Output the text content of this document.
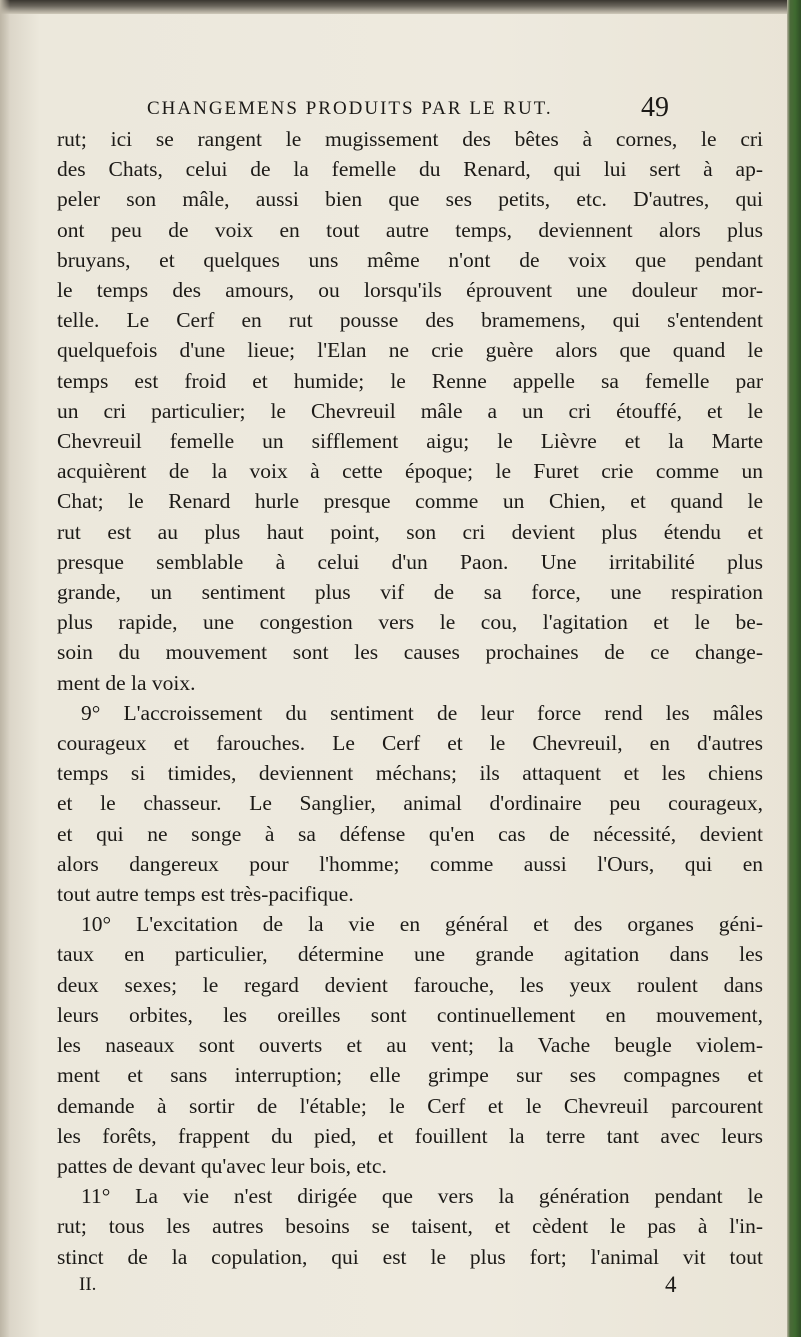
CHANGEMENS PRODUITS PAR LE RUT.	49

rut; ici se rangent le mugissement des bêtes à cornes, le cri

des Chats, celui de la femelle du Renard, qui lui sert à ap-

peler son mâle, aussi bien que ses petits, etc. D'autres, qui

ont peu de voix en tout autre temps, deviennent alors plus

bruyans, et quelques uns même n'ont de voix que pendant

le temps des amours, ou lorsqu'ils éprouvent une douleur mor-

telle. Le Cerf en rut pousse des bramemens, qui s'entendent

quelquefois d'une lieue; l'Elan ne crie guère alors que quand le

temps est froid et humide; le Renne appelle sa femelle par

un cri particulier; le Chevreuil mâle a un cri étouffé, et le

Chevreuil femelle un sifflement aigu; le Lièvre et la Marte

acquièrent de la voix à cette époque; le Furet crie comme un

Chat; le Renard hurle presque comme un Chien, et quand le

rut est au plus haut point, son cri devient plus étendu et

presque semblable à celui d'un Paon. Une irritabilité plus

grande, un sentiment plus vif de sa force, une respiration

plus rapide, une congestion vers le cou, l'agitation et le be-

soin du mouvement sont les causes prochaines de ce change-

ment de la voix.

9° L'accroissement du sentiment de leur force rend les mâles

courageux et farouches. Le Cerf et le Chevreuil, en d'autres

temps si timides, deviennent méchans; ils attaquent et les chiens

et le chasseur. Le Sanglier, animal d'ordinaire peu courageux,

et qui ne songe à sa défense qu'en cas de nécessité, devient

alors dangereux pour l'homme; comme aussi l'Ours, qui en

tout autre temps est très-pacifique.

10° L'excitation de la vie en général et des organes géni-

taux en particulier, détermine une grande agitation dans les

deux sexes; le regard devient farouche, les yeux roulent dans

leurs orbites, les oreilles sont continuellement en mouvement,

les naseaux sont ouverts et au vent; la Vache beugle violem-

ment et sans interruption; elle grimpe sur ses compagnes et

demande à sortir de l'étable; le Cerf et le Chevreuil parcourent

les forêts, frappent du pied, et fouillent la terre tant avec leurs

pattes de devant qu'avec leur bois, etc.

11° La vie n'est dirigée que vers la génération pendant le

rut; tous les autres besoins se taisent, et cèdent le pas à l'in-

stinct de la copulation, qui est le plus fort; l'animal vit tout

II.	4
